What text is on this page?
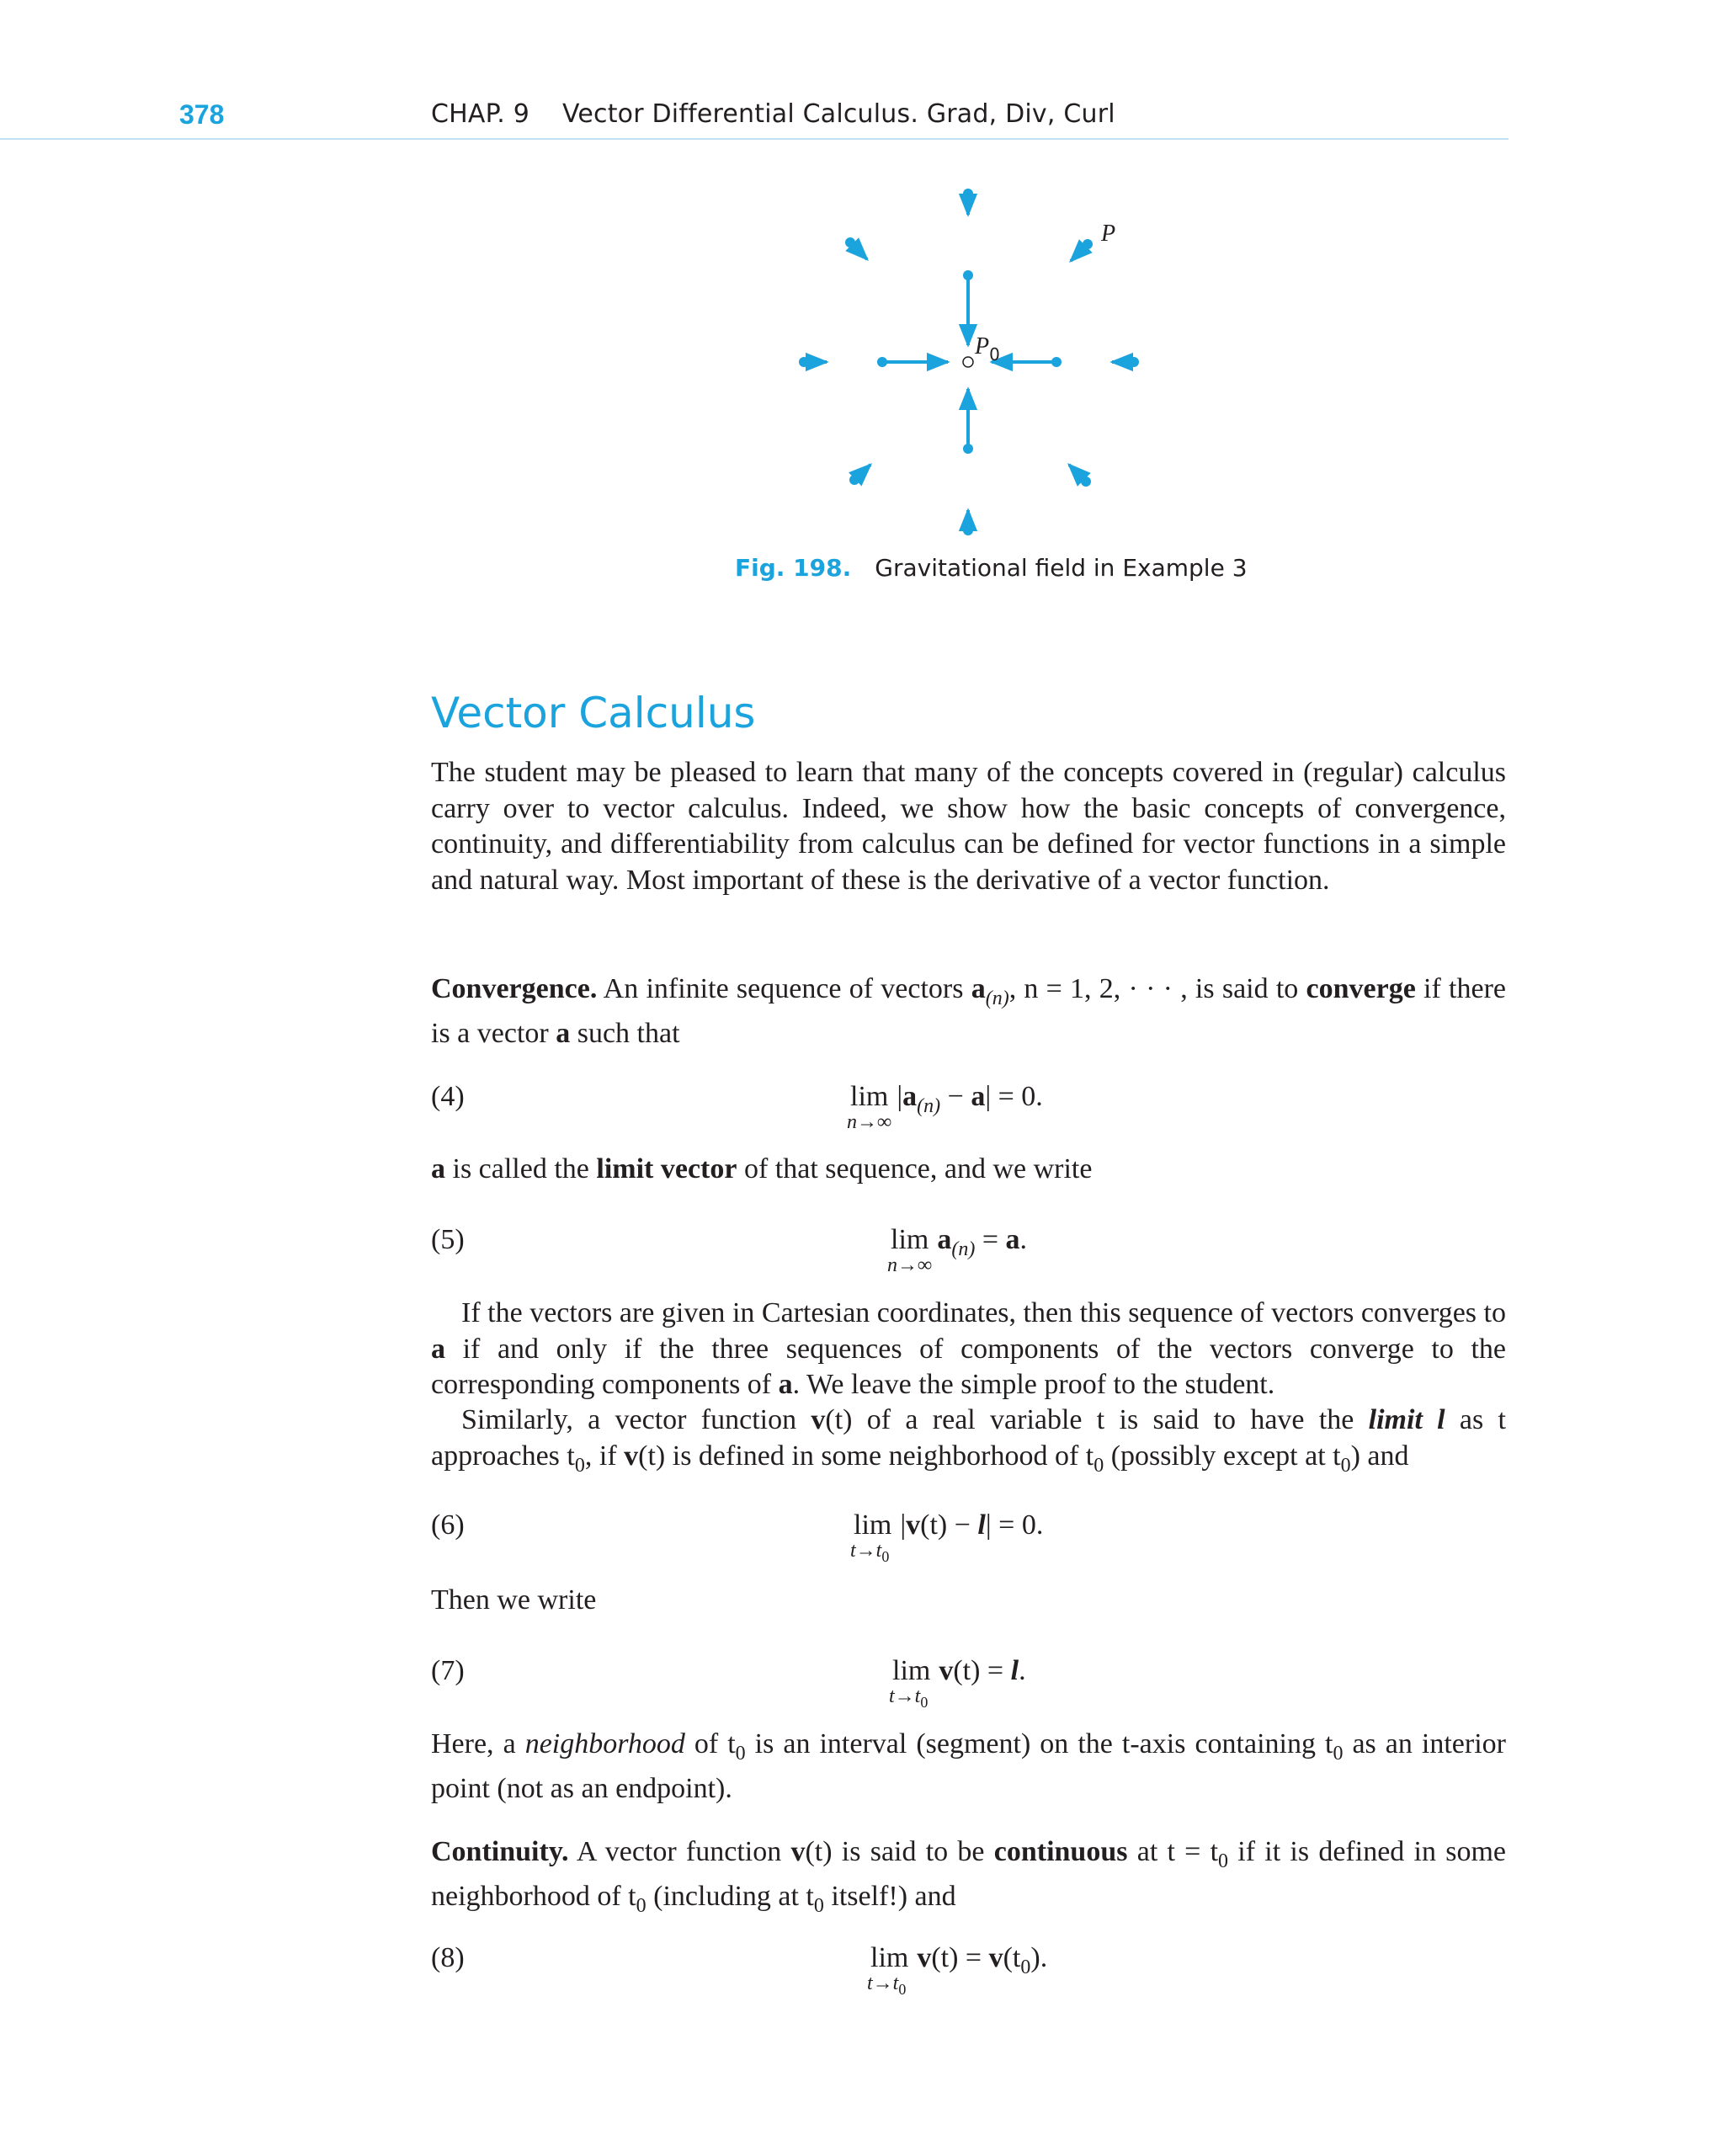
378	CHAP. 9    Vector Differential Calculus. Grad, Div, Curl
P
$P_0$
Fig. 198. Gravitational field in Example 3
Vector Calculus
The student may be pleased to learn that many of the concepts covered in (regular) calculus carry over to vector calculus. Indeed, we show how the basic concepts of convergence, continuity, and differentiability from calculus can be defined for vector functions in a simple and natural way. Most important of these is the derivative of a vector function.
Convergence. An infinite sequence of vectors $a_{(n)}$, n = 1, 2, · · · , is said to converge if there is a vector a such that
(4)	lim
n→∞
$|a_{(n)} - a| = 0$.
a is called the limit vector of that sequence, and we write
(5)	lim
n→∞
$a_{(n)} = a$.
If the vectors are given in Cartesian coordinates, then this sequence of vectors converges to a if and only if the three sequences of components of the vectors converge to the corresponding components of a. We leave the simple proof to the student.
Similarly, a vector function v(t) of a real variable t is said to have the limit l as t approaches $t_0$, if v(t) is defined in some neighborhood of $t_0$ (possibly except at $t_0$) and
(6)	lim
$t\to t_0$
|v(t) − l| = 0.
Then we write
(7)	lim
$t\to t_0$
v(t) = l.
Here, a neighborhood of $t_0$ is an interval (segment) on the t-axis containing $t_0$ as an interior point (not as an endpoint).
Continuity. A vector function v(t) is said to be continuous at $t = t_0$ if it is defined in some neighborhood of $t_0$ (including at $t_0$ itself!) and
(8)	lim
$t\to t_0$
$v(t) = v(t_0)$.
